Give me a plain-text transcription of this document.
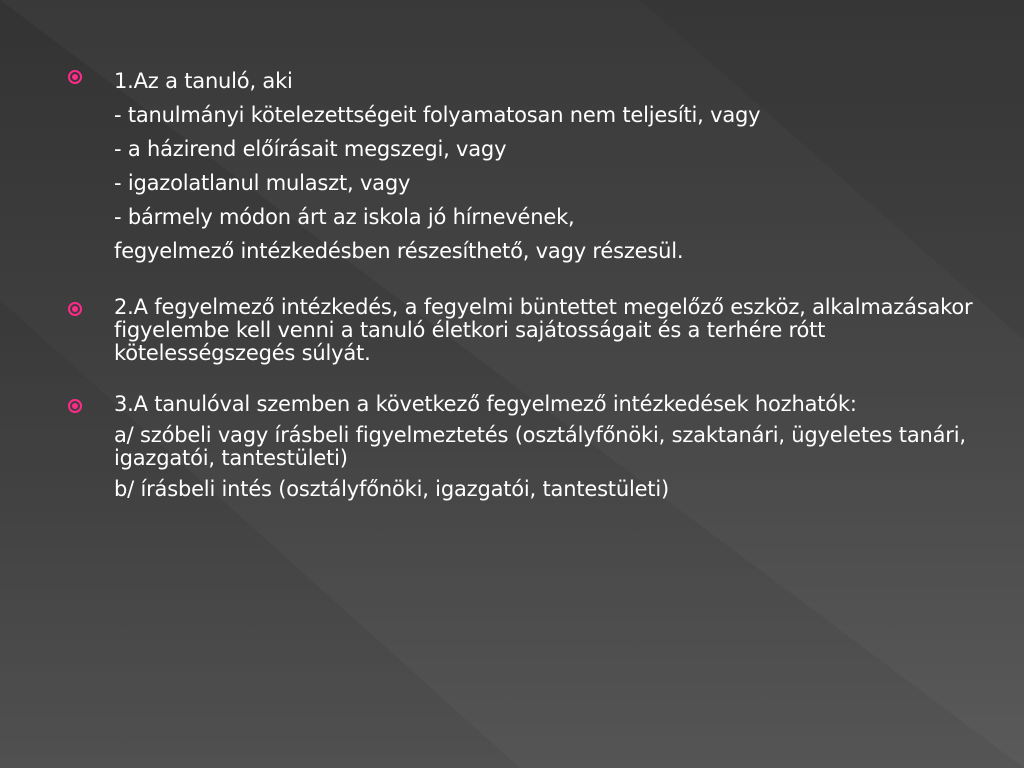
1.Az a tanuló, aki
- tanulmányi kötelezettségeit folyamatosan nem teljesíti, vagy
- a házirend előírásait megszegi, vagy
- igazolatlanul mulaszt, vagy
- bármely módon árt az iskola jó hírnevének,
fegyelmező intézkedésben részesíthető, vagy részesül.
2.A fegyelmező intézkedés, a fegyelmi büntettet megelőző eszköz, alkalmazásakor figyelembe kell venni a tanuló életkori sajátosságait és a terhére rótt kötelességszegés súlyát.
3.A tanulóval szemben a következő fegyelmező intézkedések hozhatók:
a/ szóbeli vagy írásbeli figyelmeztetés (osztályfőnöki, szaktanári, ügyeletes tanári, igazgatói, tantestületi)
b/ írásbeli intés (osztályfőnöki, igazgatói, tantestületi)
